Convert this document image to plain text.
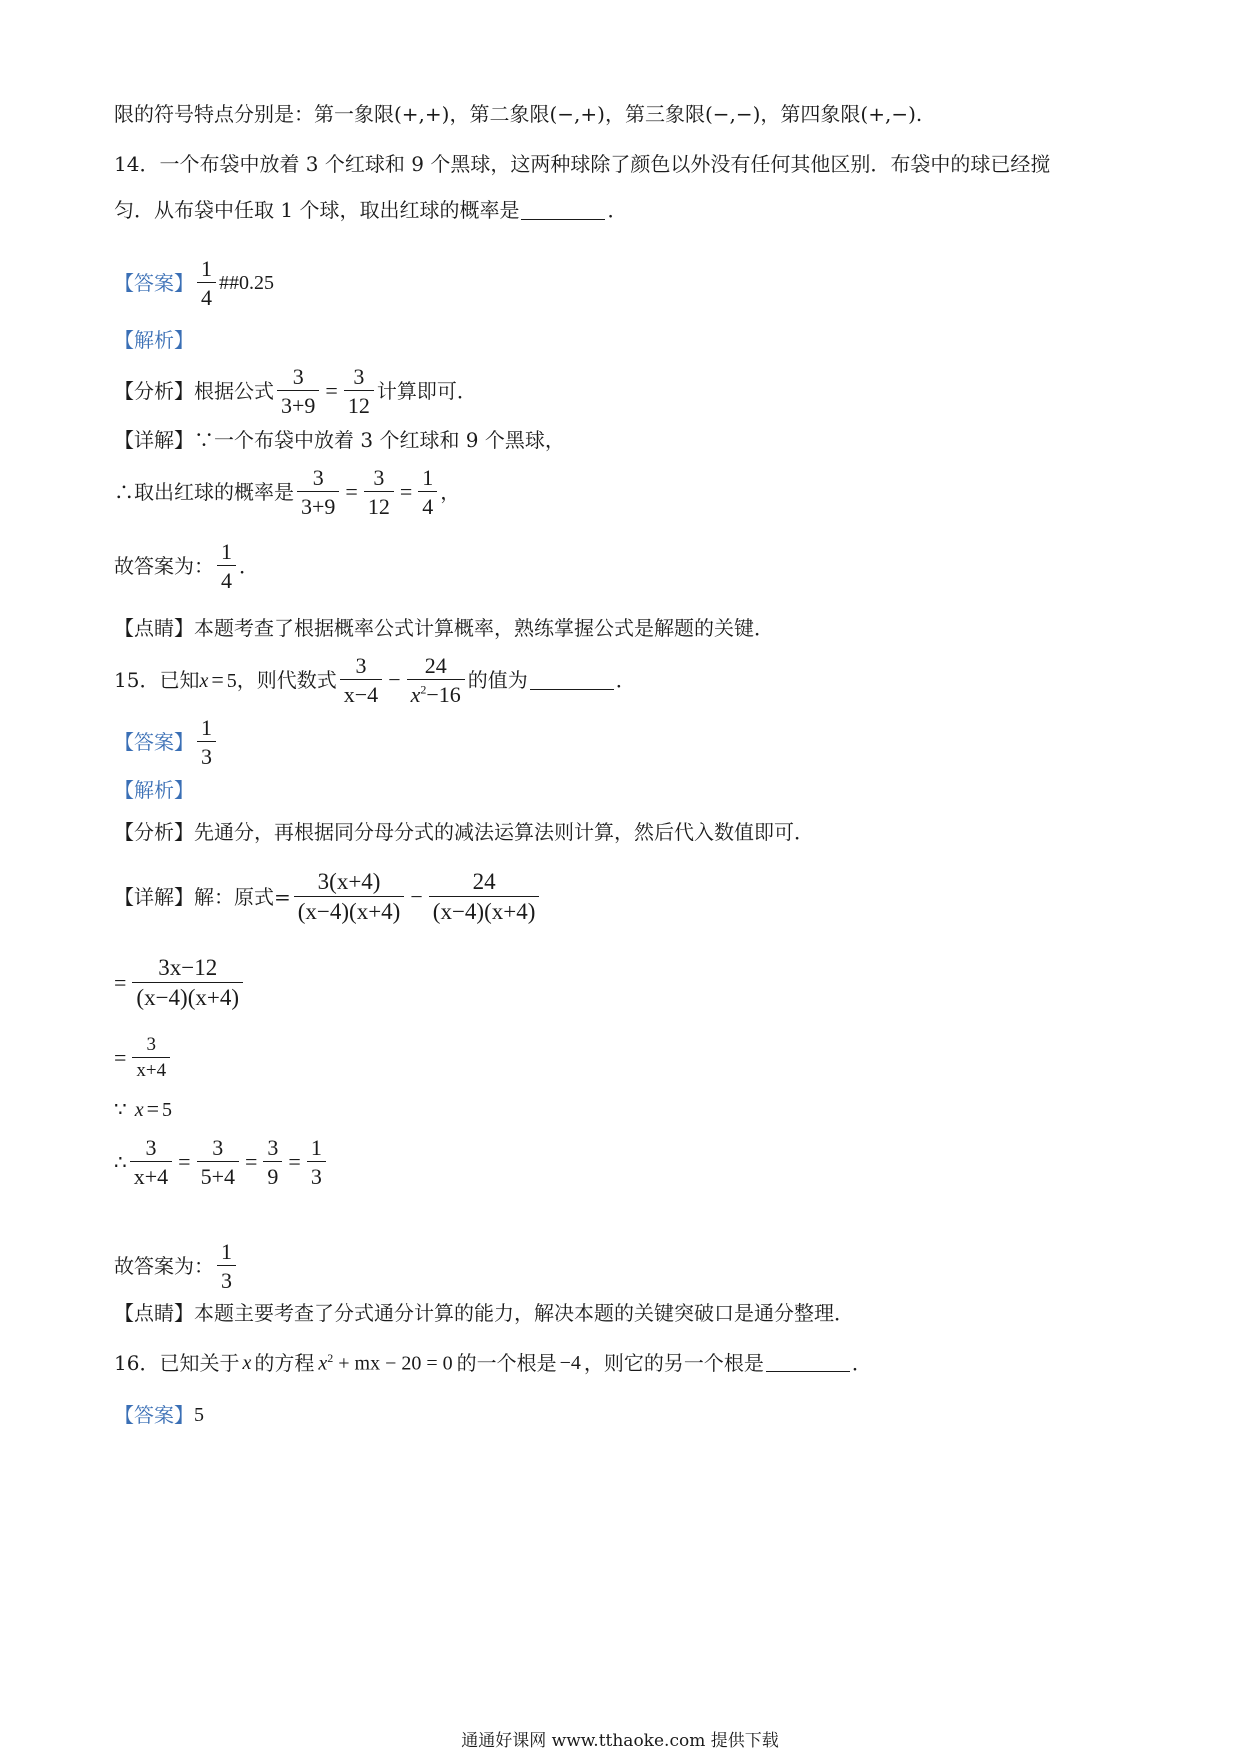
限的符号特点分别是：第一象限(+,+)，第二象限(−,+)，第三象限(−,−)，第四象限(+,−).
14．一个布袋中放着 3 个红球和 9 个黑球，这两种球除了颜色以外没有任何其他区别．布袋中的球已经搅
匀．从布袋中任取 1 个球，取出红球的概率是	．
【答案】 $\frac{1}{4}$ ##0.25
【解析】
【分析】 根据公式 $\frac{3}{3+9} = \frac{3}{12}$ 计算即可．
【详解】 ∵一个布袋中放着 3 个红球和 9 个黑球，
∴取出红球的概率是 $\frac{3}{3+9} = \frac{3}{12} = \frac{1}{4}$ ，
故答案为： $\frac{1}{4}$ ．
【点睛】 本题考查了根据概率公式计算概率，熟练掌握公式是解题的关键．
15．已知 x = 5 ，则代数式 $\frac{3}{x-4} - \frac{24}{x^2-16}$ 的值为	．
【答案】 $\frac{1}{3}$
【解析】
【分析】 先通分，再根据同分母分式的减法运算法则计算，然后代入数值即可．
【详解】 解：原式= $\frac{3(x+4)}{(x-4)(x+4)} - \frac{24}{(x-4)(x+4)}$
= $\frac{3x-12}{(x-4)(x+4)}$
= $\frac{3}{x+4}$
∵ x = 5
∴ $\frac{3}{x+4} = \frac{3}{5+4} = \frac{3}{9} = \frac{1}{3}$
故答案为： $\frac{1}{3}$
【点睛】 本题主要考查了分式通分计算的能力，解决本题的关键突破口是通分整理．
16．已知关于 x 的方程 $x^2$ + mx − 20 = 0 的一个根是 −4 ，则它的另一个根是	．
【答案】 5
通通好课网 www.tthaoke.com 提供下载
